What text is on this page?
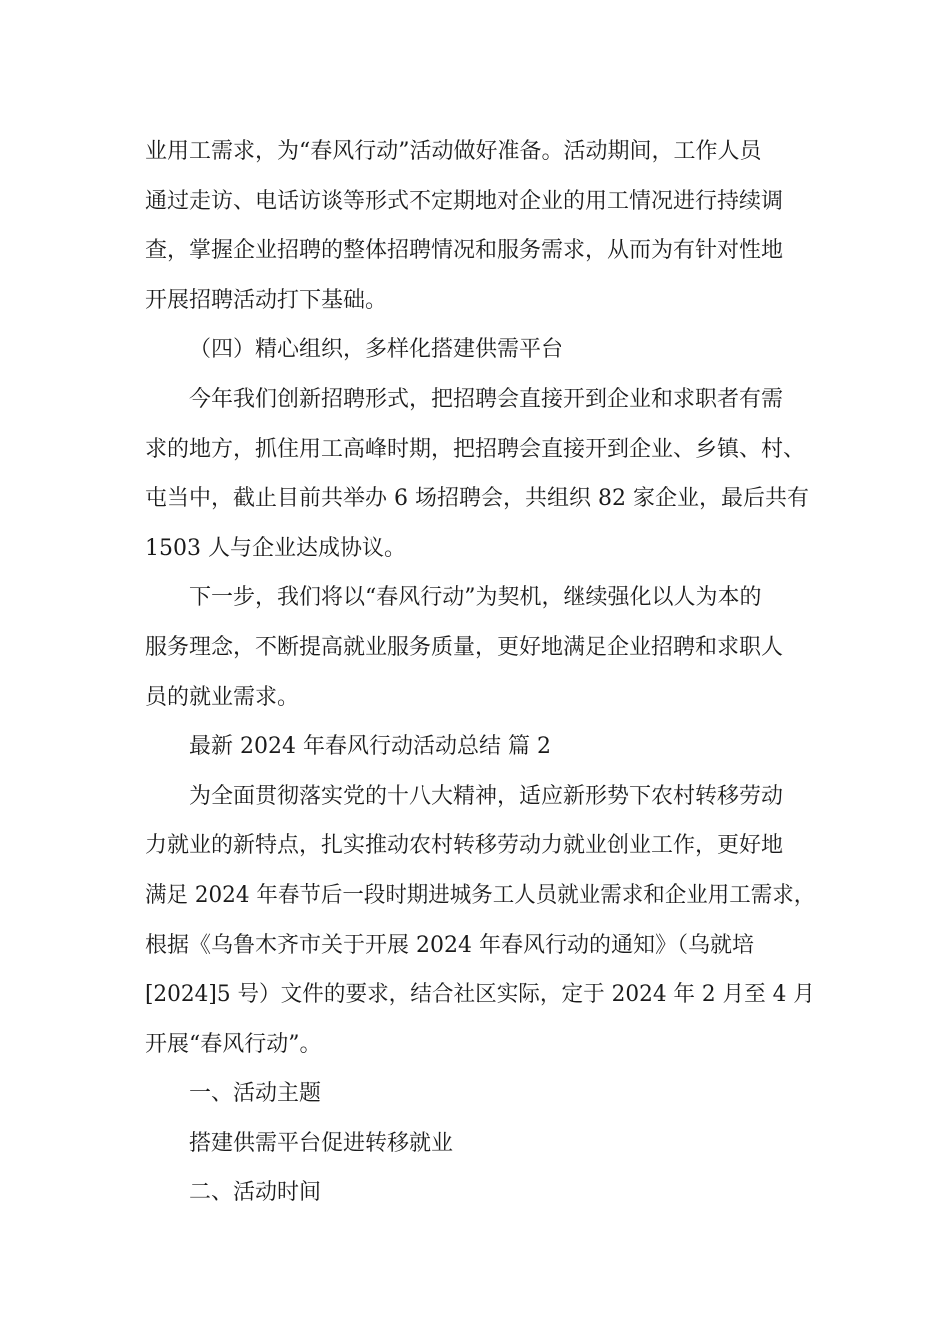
业用工需求，为“春风行动”活动做好准备。活动期间，工作人员
通过走访、电话访谈等形式不定期地对企业的用工情况进行持续调
查，掌握企业招聘的整体招聘情况和服务需求，从而为有针对性地
开展招聘活动打下基础。
（四）精心组织，多样化搭建供需平台
今年我们创新招聘形式，把招聘会直接开到企业和求职者有需
求的地方，抓住用工高峰时期，把招聘会直接开到企业、乡镇、村、
屯当中，截止目前共举办 6 场招聘会，共组织 82 家企业，最后共有
1503 人与企业达成协议。
下一步，我们将以“春风行动”为契机，继续强化以人为本的
服务理念，不断提高就业服务质量，更好地满足企业招聘和求职人
员的就业需求。
最新 2024 年春风行动活动总结 篇 2
为全面贯彻落实党的十八大精神，适应新形势下农村转移劳动
力就业的新特点，扎实推动农村转移劳动力就业创业工作，更好地
满足 2024 年春节后一段时期进城务工人员就业需求和企业用工需求，
根据《乌鲁木齐市关于开展 2024 年春风行动的通知》（乌就培
[2024]5 号）文件的要求，结合社区实际，定于 2024 年 2 月至 4 月
开展“春风行动”。
一、活动主题
搭建供需平台促进转移就业
二、活动时间
